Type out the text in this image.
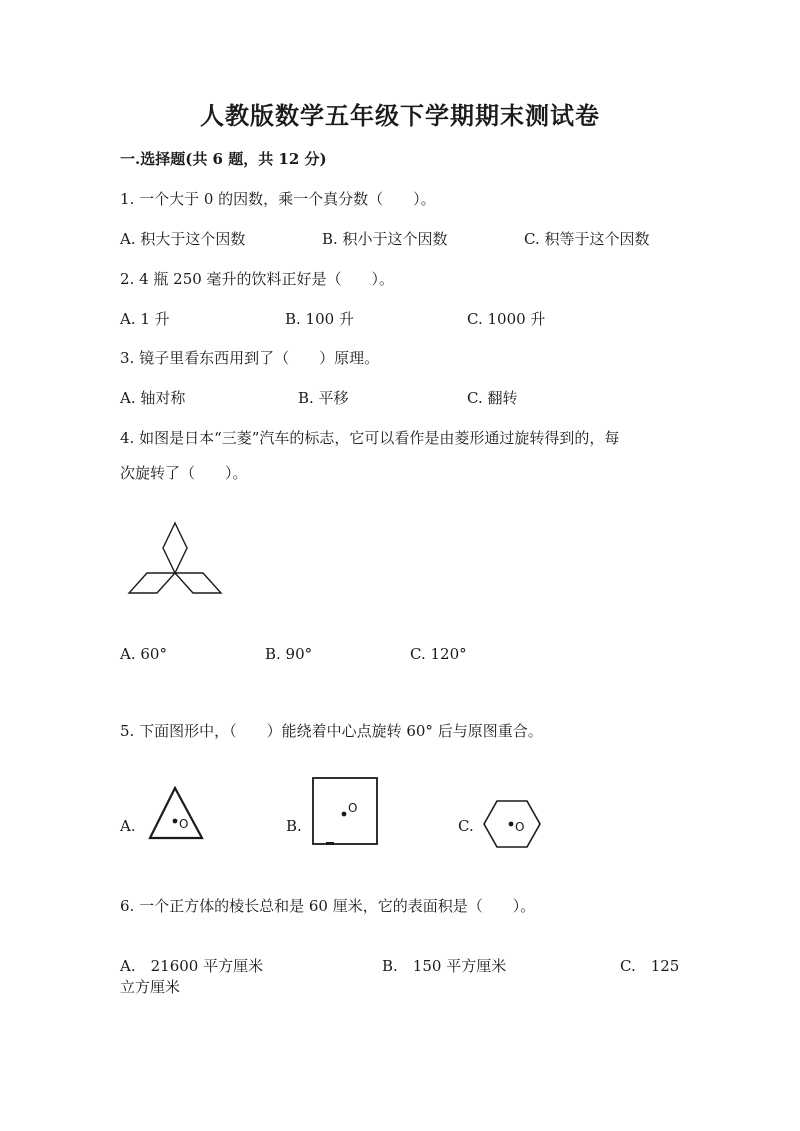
人教版数学五年级下学期期末测试卷
一.选择题(共 6 题，共 12 分)
1. 一个大于 0 的因数，乘一个真分数（　　）。
A. 积大于这个因数	B. 积小于这个因数	C. 积等于这个因数
2. 4 瓶 250 毫升的饮料正好是（　　）。
A. 1 升	B. 100 升	C. 1000 升
3. 镜子里看东西用到了（　　）原理。
A. 轴对称	B. 平移	C. 翻转
4. 如图是日本“三菱”汽车的标志，它可以看作是由菱形通过旋转得到的，每
次旋转了（　　）。
A. 60°	B. 90°	C. 120°
5. 下面图形中，（　　）能绕着中心点旋转 60° 后与原图重合。
A.	O	B.
O
C.	O
6. 一个正方体的棱长总和是 60 厘米，它的表面积是（　　）。
A.　21600 平方厘米	B.　150 平方厘米	C.　125
立方厘米
